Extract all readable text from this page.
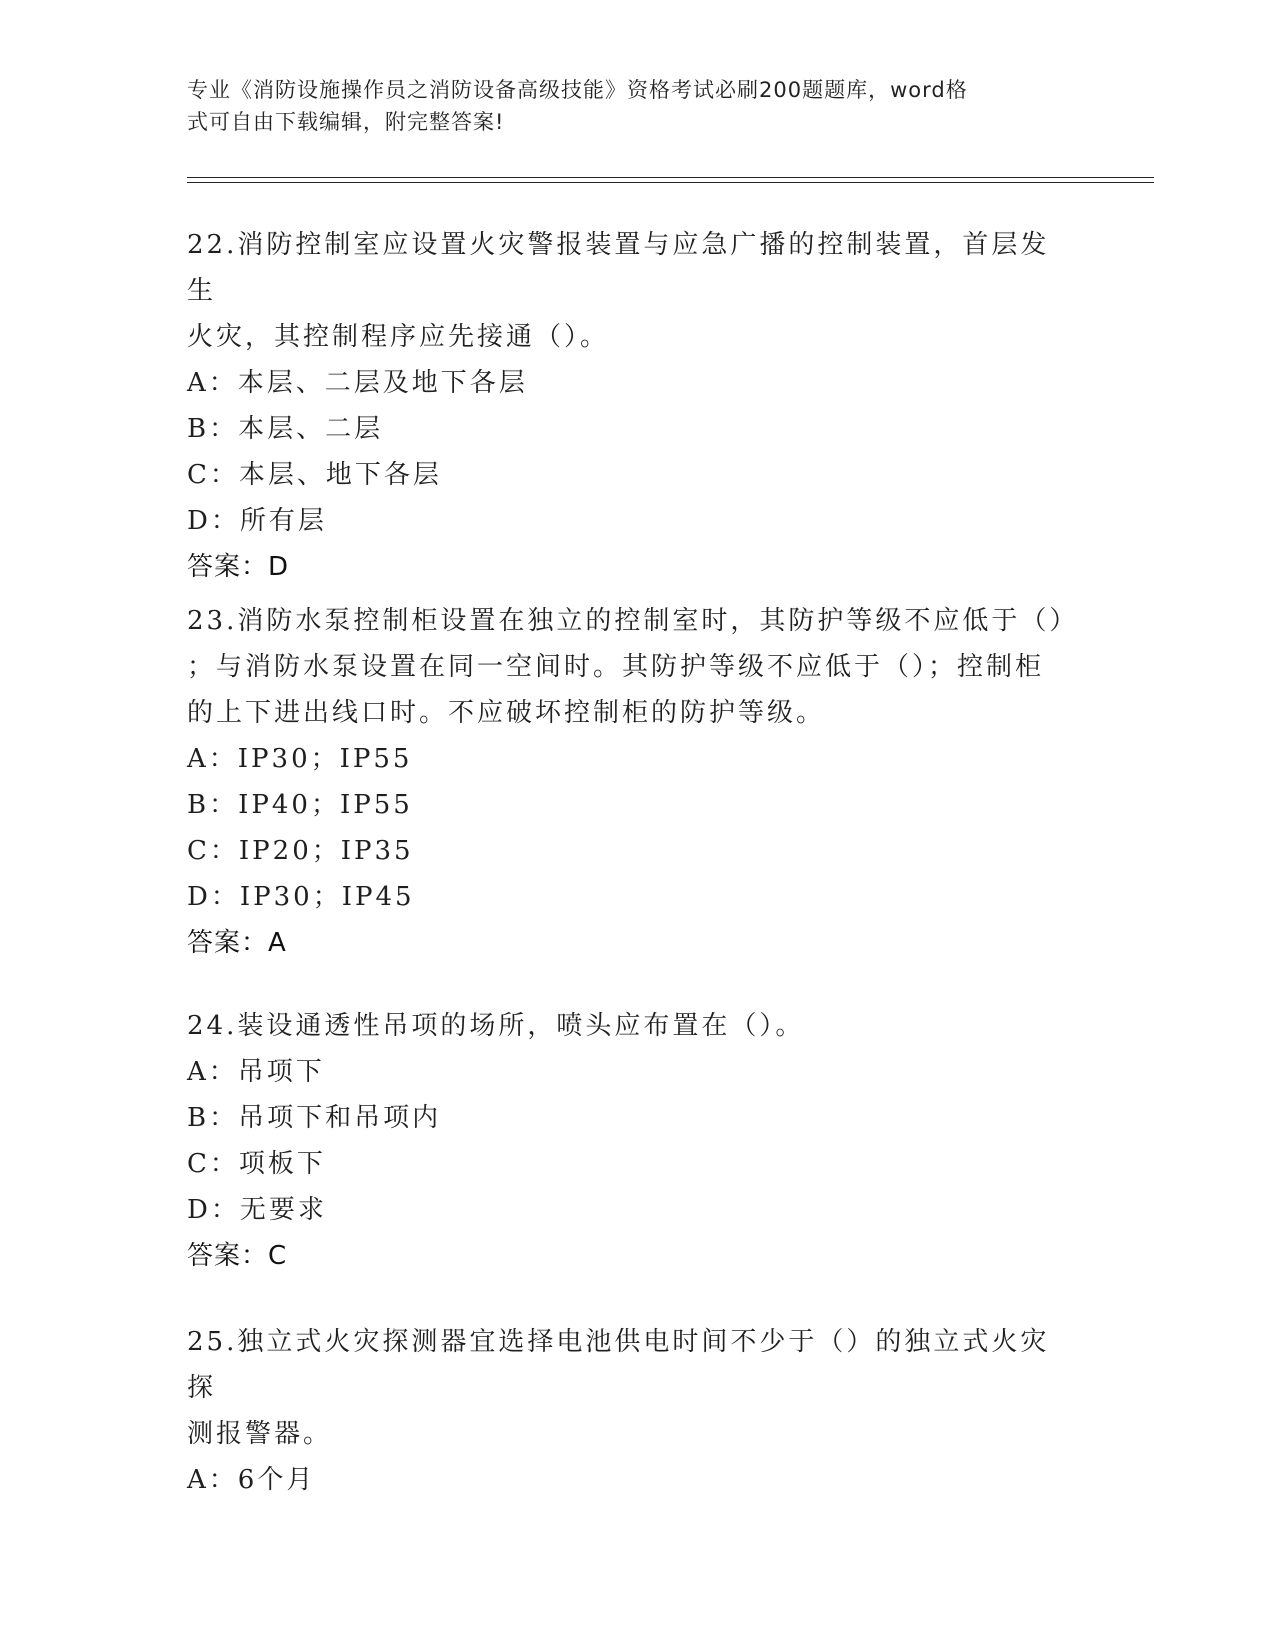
专业《消防设施操作员之消防设备高级技能》资格考试必刷200题题库，word格
式可自由下载编辑，附完整答案!
22.消防控制室应设置火灾警报装置与应急广播的控制装置，首层发生
火灾，其控制程序应先接通（）。
A：本层、二层及地下各层
B：本层、二层
C：本层、地下各层
D：所有层
答案：D
23.消防水泵控制柜设置在独立的控制室时，其防护等级不应低于（）
；与消防水泵设置在同一空间时。其防护等级不应低于（）；控制柜
的上下进出线口时。不应破坏控制柜的防护等级。
A：IP30；IP55
B：IP40；IP55
C：IP20；IP35
D：IP30；IP45
答案：A
24.装设通透性吊项的场所，喷头应布置在（）。
A：吊项下
B：吊项下和吊项内
C：项板下
D：无要求
答案：C
25.独立式火灾探测器宜选择电池供电时间不少于（）的独立式火灾探
测报警器。
A：6个月
